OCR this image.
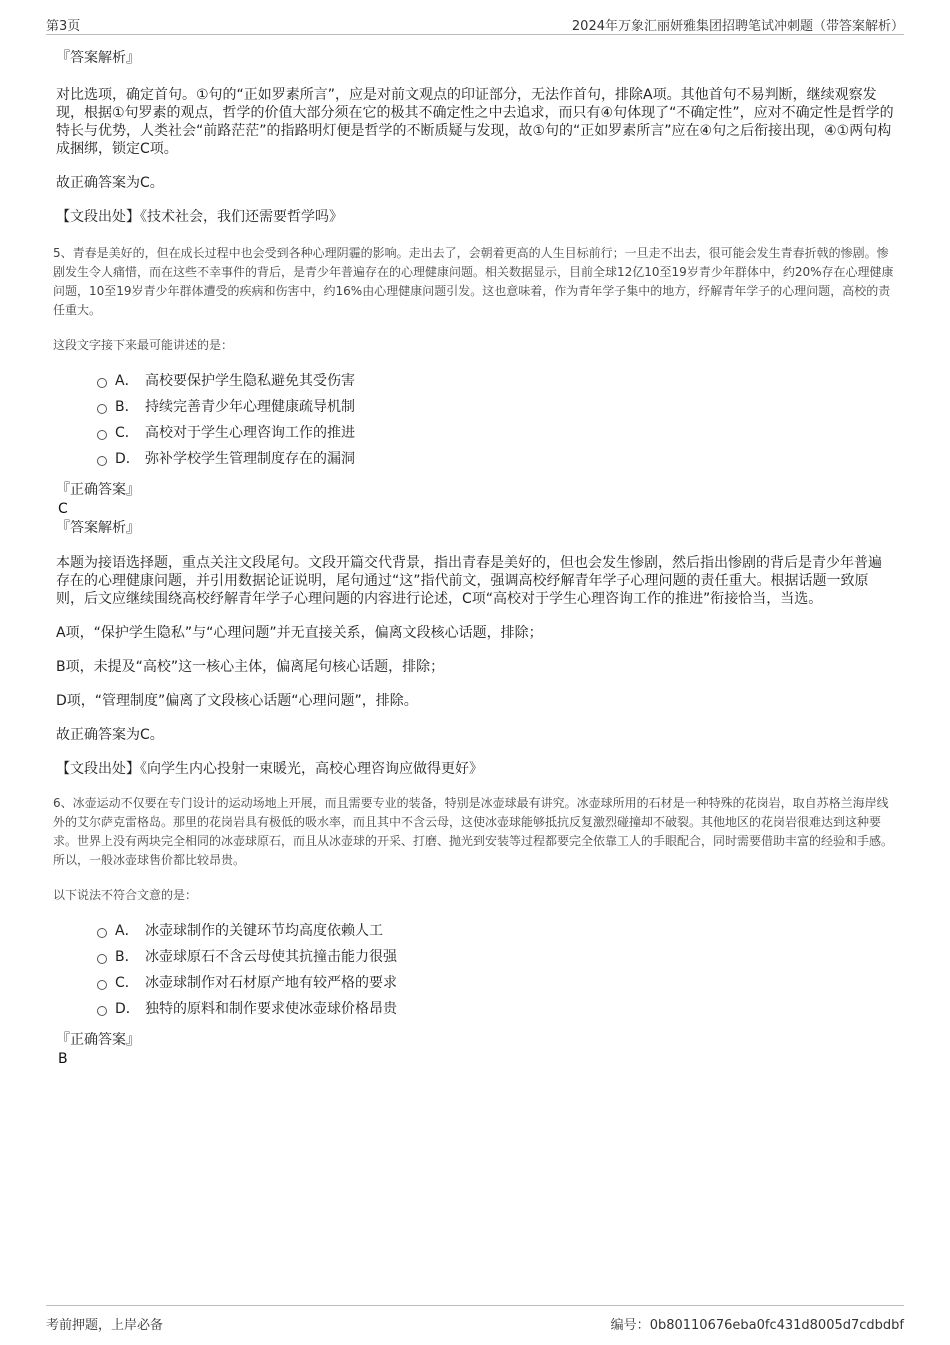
第3页	2024年万象汇丽妍雅集团招聘笔试冲刺题（带答案解析）

『答案解析』

对比选项，确定首句。①句的“正如罗素所言”，应是对前文观点的印证部分，无法作首句，排除A项。其他首句不易判断，继续观察发现，根据①句罗素的观点，哲学的价值大部分须在它的极其不确定性之中去追求，而只有④句体现了“不确定性”，应对不确定性是哲学的特长与优势，人类社会“前路茫茫”的指路明灯便是哲学的不断质疑与发现，故①句的“正如罗素所言”应在④句之后衔接出现，④①两句构成捆绑，锁定C项。

故正确答案为C。

【文段出处】《技术社会，我们还需要哲学吗》

5、青春是美好的，但在成长过程中也会受到各种心理阴霾的影响。走出去了，会朝着更高的人生目标前行；一旦走不出去，很可能会发生青春折戟的惨剧。惨剧发生令人痛惜，而在这些不幸事件的背后，是青少年普遍存在的心理健康问题。相关数据显示，目前全球12亿10至19岁青少年群体中，约20%存在心理健康问题，10至19岁青少年群体遭受的疾病和伤害中，约16%由心理健康问题引发。这也意味着，作为青年学子集中的地方，纾解青年学子的心理问题，高校的责任重大。

这段文字接下来最可能讲述的是：

A． 高校要保护学生隐私避免其受伤害
B． 持续完善青少年心理健康疏导机制
C． 高校对于学生心理咨询工作的推进
D． 弥补学校学生管理制度存在的漏洞

『正确答案』

C

『答案解析』

本题为接语选择题，重点关注文段尾句。文段开篇交代背景，指出青春是美好的，但也会发生惨剧，然后指出惨剧的背后是青少年普遍存在的心理健康问题，并引用数据论证说明，尾句通过“这”指代前文，强调高校纾解青年学子心理问题的责任重大。根据话题一致原则，后文应继续围绕高校纾解青年学子心理问题的内容进行论述，C项“高校对于学生心理咨询工作的推进”衔接恰当，当选。

A项，“保护学生隐私”与“心理问题”并无直接关系，偏离文段核心话题，排除；

B项，未提及“高校”这一核心主体，偏离尾句核心话题，排除；

D项，“管理制度”偏离了文段核心话题“心理问题”，排除。

故正确答案为C。

【文段出处】《向学生内心投射一束暖光，高校心理咨询应做得更好》

6、冰壶运动不仅要在专门设计的运动场地上开展，而且需要专业的装备，特别是冰壶球最有讲究。冰壶球所用的石材是一种特殊的花岗岩，取自苏格兰海岸线外的艾尔萨克雷格岛。那里的花岗岩具有极低的吸水率，而且其中不含云母，这使冰壶球能够抵抗反复激烈碰撞却不破裂。其他地区的花岗岩很难达到这种要求。世界上没有两块完全相同的冰壶球原石，而且从冰壶球的开采、打磨、抛光到安装等过程都要完全依靠工人的手眼配合，同时需要借助丰富的经验和手感。所以，一般冰壶球售价都比较昂贵。

以下说法不符合文意的是：

A． 冰壶球制作的关键环节均高度依赖人工
B． 冰壶球原石不含云母使其抗撞击能力很强
C． 冰壶球制作对石材原产地有较严格的要求
D． 独特的原料和制作要求使冰壶球价格昂贵

『正确答案』

B

考前押题，上岸必备	编号：0b80110676eba0fc431d8005d7cdbdbf
